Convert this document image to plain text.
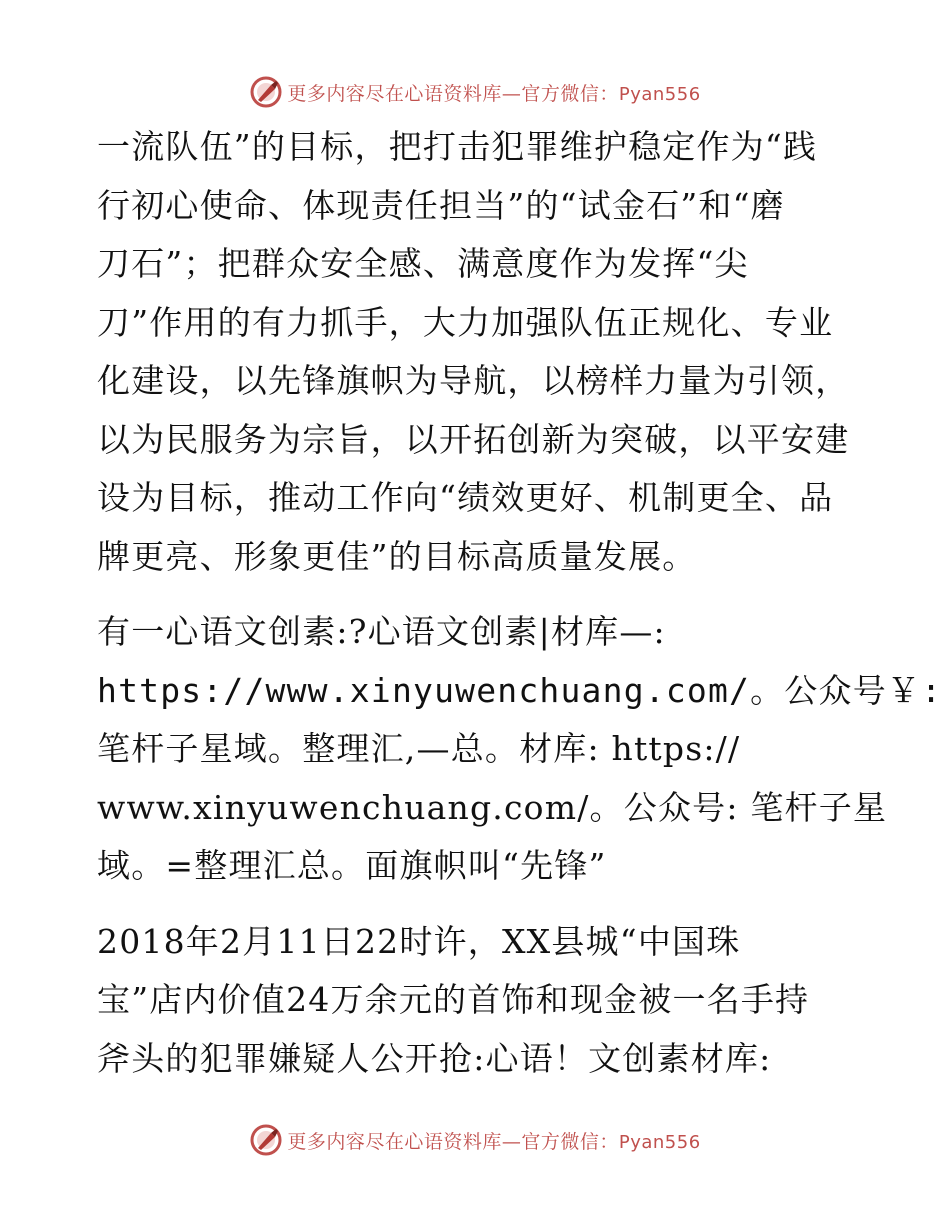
更多内容尽在心语资料库—官方微信：Pyan556

一流队伍”的目标，把打击犯罪维护稳定作为“践
行初心使命、体现责任担当”的“试金石”和“磨
刀石”；把群众安全感、满意度作为发挥“尖
刀”作用的有力抓手，大力加强队伍正规化、专业
化建设，以先锋旗帜为导航，以榜样力量为引领，
以为民服务为宗旨，以开拓创新为突破，以平安建
设为目标，推动工作向“绩效更好、机制更全、品
牌更亮、形象更佳”的目标高质量发展。

有一心语文创素:?心语文创素|材库—:
https://www.xinyuwenchuang.com/。公众号￥:
笔杆子星域。整理汇,—总。材库: https://
www.xinyuwenchuang.com/。公众号: 笔杆子星
域。=整理汇总。面旗帜叫“先锋”

2018年2月11日22时许，XX县城“中国珠
宝”店内价值24万余元的首饰和现金被一名手持
斧头的犯罪嫌疑人公开抢:心语！文创素材库:

更多内容尽在心语资料库—官方微信：Pyan556
